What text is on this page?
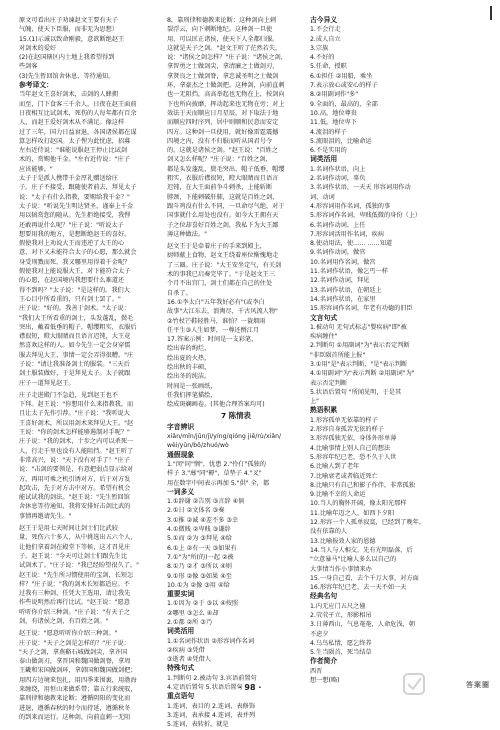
原文可看出庄子劝谏赵文王要有天子
气魄，使天下臣服，而非无为思想）
15.(1)示诚以致命刚毅，意欲断绝赵王
对剑术的爱好
(2)在赵国辖区内土地上我希望得到
些剑客
(3)先生暂回馆舍休息，等待通知。
参考译文：
当年赵文王喜好剑术，击剑的人蜂拥
而至，门下食客三千余人，日夜在赵王面前
日夜相互比试剑术，死伤的人每年都有百余
人，而赵王爱好剑术从不满足。像这样
过了三年，国力日益衰退，各国诸侯都在谋
算怎样攻打赵国。太子悝为此忧虑，招募
左右近侍说："谁能说服赵王停止比试剑
术的，赏赐他千金。"左右近侍说："庄子
应该能够。"
太子于是派人携带千金厚礼赠送给庄
子。庄子不接受，跟随使者前去，拜见太子
说："太子有什么指教，要赐给我千金？"
太子说："听说先生明达贤圣，谨奉上千金
用以犒赏您的随从。先生拒绝接受，我悝
还敢再说什么呢？"庄子说："听说太子
想要用我的地方，是想断绝赵王的喜好。
假使我对上劝说大王而违逆了大王的心
意，对下又未能符合太子的心愿，那么就会
身受刑戮而死，我又哪里用得着千金呢？
假使我对上能说服大王，对下能符合太子
的心愿，在赵国境内我想要什么难道还
得不到吗？"太子说："是这样的。我们大
王心目中所看重的，只有剑士罢了。"
庄子说："好的。我善于剑术。"太子说：
"我们大王所看重的剑士，头发蓬乱，鬓毛
突出，戴着低垂的帽子，帽缨粗实，衣服后
襟很短，瞪大眼睛而且语言迟钝，大王竟
然喜欢这样的人。如今先生一定会身穿儒
服去拜见大王，事情一定会弄得很糟。"庄
子说："请让我准备剑士的服装。"三天后
剑士服装做好，于是拜见太子。太子就跟
庄子一道拜见赵王。
庄子走进殿门不急趋，见到赵王也不
下拜。赵王说："你想用什么来指教我，而
且让太子先作引荐。"庄子说："我听说大
王喜好剑术，所以用剑术来拜见大王。"赵
王说："你的剑术怎样能够遏制对手呢？"
庄子说："我的剑术，十步之内可以杀死一
人，行走千里也没有人能阻挡。"赵王听了
非常高兴，说："天下没有对手了！"庄子
说："击剑的要领是，有意把弱点显示给对
方，再用可乘之机引诱对方，后于对方发
起攻击，先于对方击中对方。希望有机会
能试试我的剑法。"赵王说："先生暂回馆
舍休息等待通知，我将安排好击剑比武的
事情再邀请先生。"
赵王于是用七天时间让剑士们比武较
量，死伤六十多人，从中挑选出五六个人，
让他们拿着剑在殿堂下等候，这才召见庄
子。赵王说："今天可让剑士们跟先生比
试剑术了。"庄子说："我已经盼望很久了。"
赵王说："先生所习惯使用的宝剑，长短怎
样？"庄子说："我的剑术长短都适应。不
过我有三种剑，任凭大王选用，请让我先
作些说明然后再行比试。"赵王说："愿意
听听你介绍三种剑。"庄子说："有天子之
剑，有诸侯之剑，有百姓之剑。"
赵王说："愿意听听你介绍三种剑。"
庄子说："天子之剑是怎样的？"庄子说：
"天子之剑，拿燕谿石城做剑尖，拿齐国
泰山做剑刃，拿晋国和魏国做剑脊，拿周
王畿和宋国做剑环，拿韩国和魏国做剑把；
用四方边境来包扎，用四季来围裹，用渤海
来缠绕，用恒山来做系带；靠五行来统驭，
靠刑律和德教来论断；遵循阴阳的变化而
进退，遵循春秋的时令而持延，遵循秋冬
的到来而运行。这种剑，向前直刺一无阻
8，靠刑律和德教来论断；这种剑向上刺
裂浮云，向下刺断地纪。这种剑一旦使
用，可以匡正诸侯，使天下人全都归服。
这就是天子之剑。"赵文王听了茫然若失，
说："诸侯之剑怎样？"庄子说："诸侯之剑，
拿智勇之士做剑尖，拿清廉之士做剑刃，
拿贤良之士做剑脊，拿忠诚圣明之士做剑
环，拿豪杰之士做剑把。这种剑，向前直刺
也一无阻挡，高高举起也无物在上，按剑向
下也所向披靡，挥动起来也无物在旁；对上
效法于天而顺应日月星辰，对下取法于地
而顺应四时序列，居中则顺和民意而安定
四方。这种剑一旦使用，就好像雷霆震撼
四境之内，没有不归服而听从国君号令
的。这就是诸侯之剑。"赵王说："百姓之
剑又怎么样呢？"庄子说："百姓之剑，
都是头发蓬乱、鬓毛突出、帽子低垂，帽缨
粗实，衣服后襟很短，瞪大眼睛而且语言
迟钝，在大王面前争斗刺杀，上能斩断
脖颈，下能刺破肝肺，这就是百姓之剑，
跟斗鸡没有什么不同，一旦命尽气绝，对于
国事就什么用处也没有。如今大王拥有天
子之位却喜好百姓之剑，我私下为大王鄙
薄这种做法。"
赵文王于是牵着庄子的手来到殿上，
厨师献上食物，赵文王绕着座位惭愧地走
了三圈。庄子说："大王安坐定气，有关剑
术的事我已启奏完毕了。"于是赵文王三
个月不出宫门，剑士们都在自己的住处
自杀了。
16.①李太白"五年我好必有"(或李白
故事"大江东去，浪淘尽，千古风流人物"
②竹杖芒鞋轻胜马，谁怕？一蓑烟雨
任平生③人生如梦，一尊还酹江月
17.答案示例：时间是一支彩笔，
绘出春的绚烂，
绘出夏的火热，
绘出秋的丰硕，
绘出冬的纯洁。
时间是一张画纸，
任我们挥笔描绘，
绘成斑斓画卷。(其他合理答案均可)
7 陈情表
字音辨识
xiǎn/mǐn/jūn/jì/yíng/qióng jiē/rù/xiǎn/
wèi/yǔn/bō/zhuó/wò
通假现象
1."闵"同"悯"，忧患 2."伶仃"孤独的
样子 3."蓐"同"褥"，草垫子 4."叉"
用在数字中间表示再加 5."供" 全，都
一词多义
1.①辞谢 ②告别 ③言辞 ④倘
2.①日 ②文体名 ③奏
3.①推 ②诚 ④差不多 ③幸
4.①微贱 ②卑贱 ③谦辞
5.①而 ②为 ③拜见 ④给
6.①上 ②有一天 ③如果有
7.①"为"所(的)一起 ②被
8.①乃 ②才 ③所以 ④则
9.①形 ②像 ③如果 ④至
10.①为 ②像 ③用 ④给
重要实词
1.①因为 ②于 ③以 ④按照
②哪里 ③怎么 ④却
2.①都 ②所 ③乃
词类活用
1.①名词作状语 ②形容词作名词
②疾病 ③凭借
③逝者 ④凭借人
特殊句式
1.判断句 2.被动句 3.宾语前置句
4.定语后置句 5.状语后置句
重点语句
1.连词，表目的 2.连词，表修饰
3.连词，表承接 4.连词，表并列
5.连词，表转折，就是
古今异义
1.不会行走
2.成人自立
3.宗族
4.不好的
5.任命，授职
6.①担任 ②用船，乘坐
7.表示放心或安心的样子
8.②用副词作"多"
9.全面的，最高的，全部
10.高，地位尊贵
11.低，地位卑下
4.流泪的样子
5.流眼泪的，比喻命运
6.不是实用的
词类活用
1.名词作状语，向上
2.名词作动词，辜负
3.名词作状语，一天天 形容词用作动
词，动词
4.形容词用作名词，孤独的事
5.形容词作名词，卑贱低微的身份（上）
6.名词作动词，上任
7.形容词活用作名词，疾病
8.使动用法，使…… ……知道
9.名词作动词，做官
10.名词用作名词，做宫
11.名词作状语，像乞丐一样
12.名词作动词，拜见
13.名词作状语，在朝廷上
14.名词作状语，在家里
15.形容词作名词，年老有功德的旧臣
文言句式
1.被动句 无句式标志"婴疾病"即"被
疾病缠住"
2.判断句 ①用副词"为"表示否定判断
"非臣陨首所能上报"
3.①用"是"表示判断，"是"表示判断
4.①用副词"为"表示判断 ②用副词"为"
表示否定判断
5.状语后置句 "所闻见明，于是其
上"
熟语积累
1.形容孤单无依靠的样子
2.形容自身孤苦无依的样子
3.形容孤独无依，身体外形单薄
4.比喻事情上别人自己的想法
5.形容年纪已老，恐不久于人世
6.比喻人到了老年
7.比喻衰老或者临近死亡
8.比喻只有自己和影子作伴，非常孤独
9.比喻不幸的人命运
10.当人的胸怀开阔，像太阳光那样
11.比喻年迈之人，如西下夕阳
12.形容一个人孤单寂寞，已经到了晚年，
没有依靠的人
13.比喻报效人家的恩德
14.当人与人相交，先有光明磊落，后
"立意暴马"比喻人多么以自己的
大事情当作小事情来办
15.一身自己看，去个千万大事，对方面
16.形容年纪已老，去一天不如一天
经典名句
1.内无应门五尺之僮
2.茕茕孑立，形影相吊
3.日薄西山，气息奄奄，人命危浅，朝
不虑夕
4.乌鸟私情，愿乞终养
5.生当陨首，死当结草
作者简介
西晋
想一想(略)
· 98 ·	答案圈
